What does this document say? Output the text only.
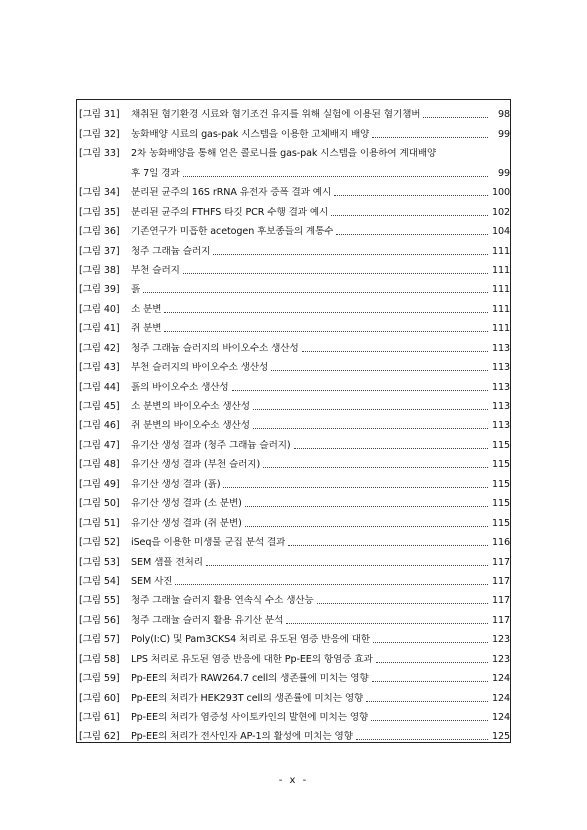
[그림 31]	채취된 혐기환경 시료와 혐기조건 유지를 위해 실험에 이용된 혐기챔버	98
[그림 32]	농화배양 시료의 gas-pak 시스템을 이용한 고체배지 배양	99
[그림 33]	2차 농화배양을 통해 얻은 콜로니를 gas-pak 시스템을 이용하여 계대배양
후 7일 경과	99
[그림 34]	분리된 균주의 16S rRNA 유전자 증폭 결과 예시	100
[그림 35]	분리된 균주의 FTHFS 타깃 PCR 수행 결과 예시	102
[그림 36]	기존연구가 미흡한 acetogen 후보종들의 계통수	104
[그림 37]	청주 그래늄 슬러지	111
[그림 38]	부천 슬러지	111
[그림 39]	흙	111
[그림 40]	소 분변	111
[그림 41]	쥐 분변	111
[그림 42]	청주 그래늄 슬러지의 바이오수소 생산성	113
[그림 43]	부천 슬러지의 바이오수소 생산성	113
[그림 44]	흙의 바이오수소 생산성	113
[그림 45]	소 분변의 바이오수소 생산성	113
[그림 46]	쥐 분변의 바이오수소 생산성	113
[그림 47]	유기산 생성 결과 (청주 그래늄 슬러지)	115
[그림 48]	유기산 생성 결과 (부천 슬러지)	115
[그림 49]	유기산 생성 결과 (흙)	115
[그림 50]	유기산 생성 결과 (소 분변)	115
[그림 51]	유기산 생성 결과 (쥐 분변)	115
[그림 52]	iSeq을 이용한 미생물 군집 분석 결과	116
[그림 53]	SEM 샘플 전처리	117
[그림 54]	SEM 사진	117
[그림 55]	청주 그래뉼 슬러지 활용 연속식 수소 생산능	117
[그림 56]	청주 그래뉼 슬러지 활용 유기산 분석	117
[그림 57]	Poly(I:C) 및 Pam3CKS4 처리로 유도된 염증 반응에 대한	123
[그림 58]	LPS 처리로 유도된 염증 반응에 대한 Pp-EE의 항염증 효과	123
[그림 59]	Pp-EE의 처리가 RAW264.7 cell의 생존률에 미치는 영향	124
[그림 60]	Pp-EE의 처리가 HEK293T cell의 생존률에 미치는 영향	124
[그림 61]	Pp-EE의 처리가 염증성 사이토카인의 발현에 미치는 영향	124
[그림 62]	Pp-EE의 처리가 전사인자 AP-1의 활성에 미치는 영향	125
- x -
